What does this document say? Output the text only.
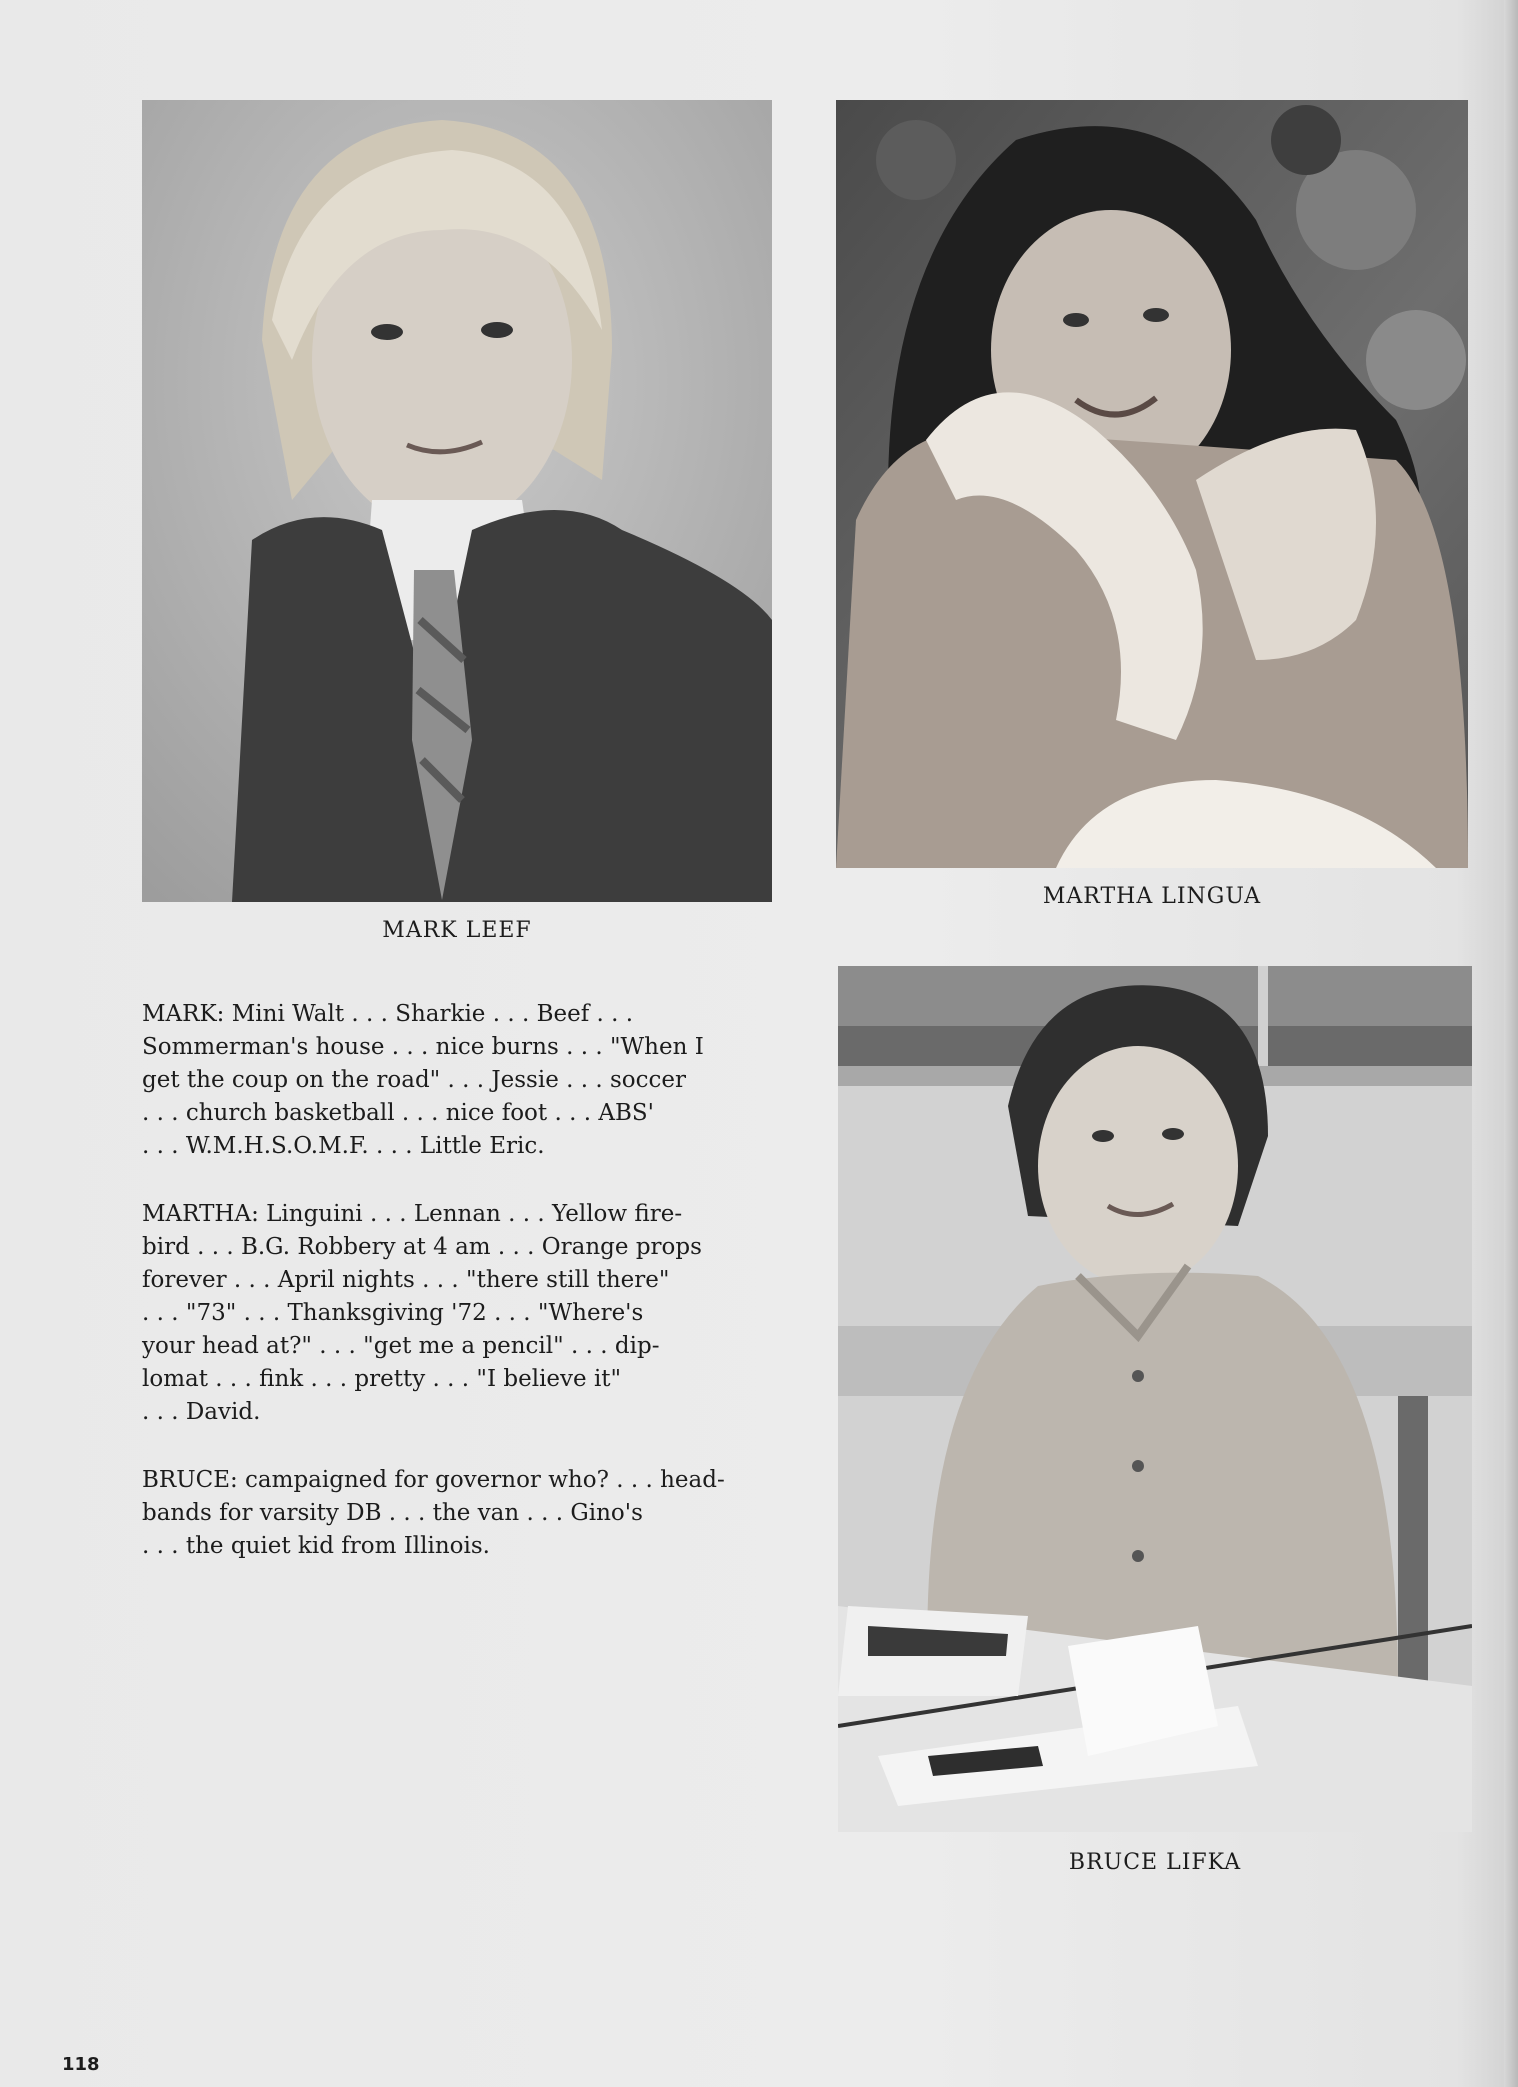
MARK LEEF
MARTHA LINGUA
BRUCE LIFKA
MARK: Mini Walt . . . Sharkie . . . Beef . . .
Sommerman's house . . . nice burns . . . "When I
get the coup on the road" . . . Jessie . . . soccer
. . . church basketball . . . nice foot . . . ABS'
. . . W.M.H.S.O.M.F. . . . Little Eric.
MARTHA: Linguini . . . Lennan . . . Yellow fire-
bird . . . B.G. Robbery at 4 am . . . Orange props
forever . . . April nights . . . "there still there"
. . . "73" . . . Thanksgiving '72 . . . "Where's
your head at?" . . . "get me a pencil" . . . dip-
lomat . . . fink . . . pretty . . . "I believe it"
. . . David.
BRUCE: campaigned for governor who? . . . head-
bands for varsity DB . . . the van . . . Gino's
. . . the quiet kid from Illinois.
118
